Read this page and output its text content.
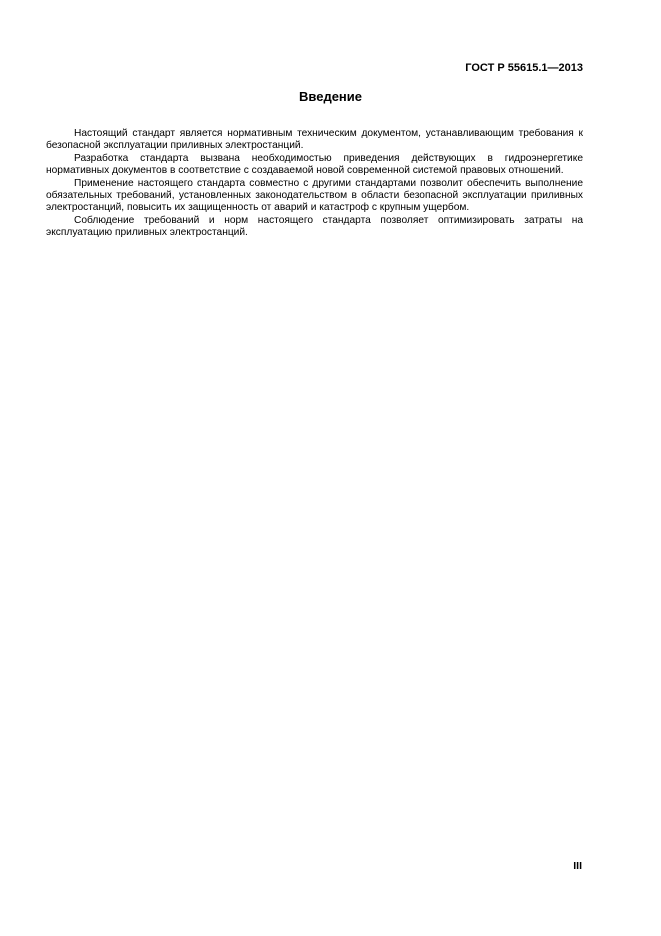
ГОСТ Р 55615.1—2013
Введение

Настоящий стандарт является нормативным техническим документом, устанавливающим требования к безопасной эксплуатации приливных электростанций.

Разработка стандарта вызвана необходимостью приведения действующих в гидроэнергетике нормативных документов в соответствие с создаваемой новой современной системой правовых отношений.

Применение настоящего стандарта совместно с другими стандартами позволит обеспечить выполнение обязательных требований, установленных законодательством в области безопасной эксплуатации приливных электростанций, повысить их защищенность от аварий и катастроф с крупным ущербом.

Соблюдение требований и норм настоящего стандарта позволяет оптимизировать затраты на эксплуатацию приливных электростанций.

III
